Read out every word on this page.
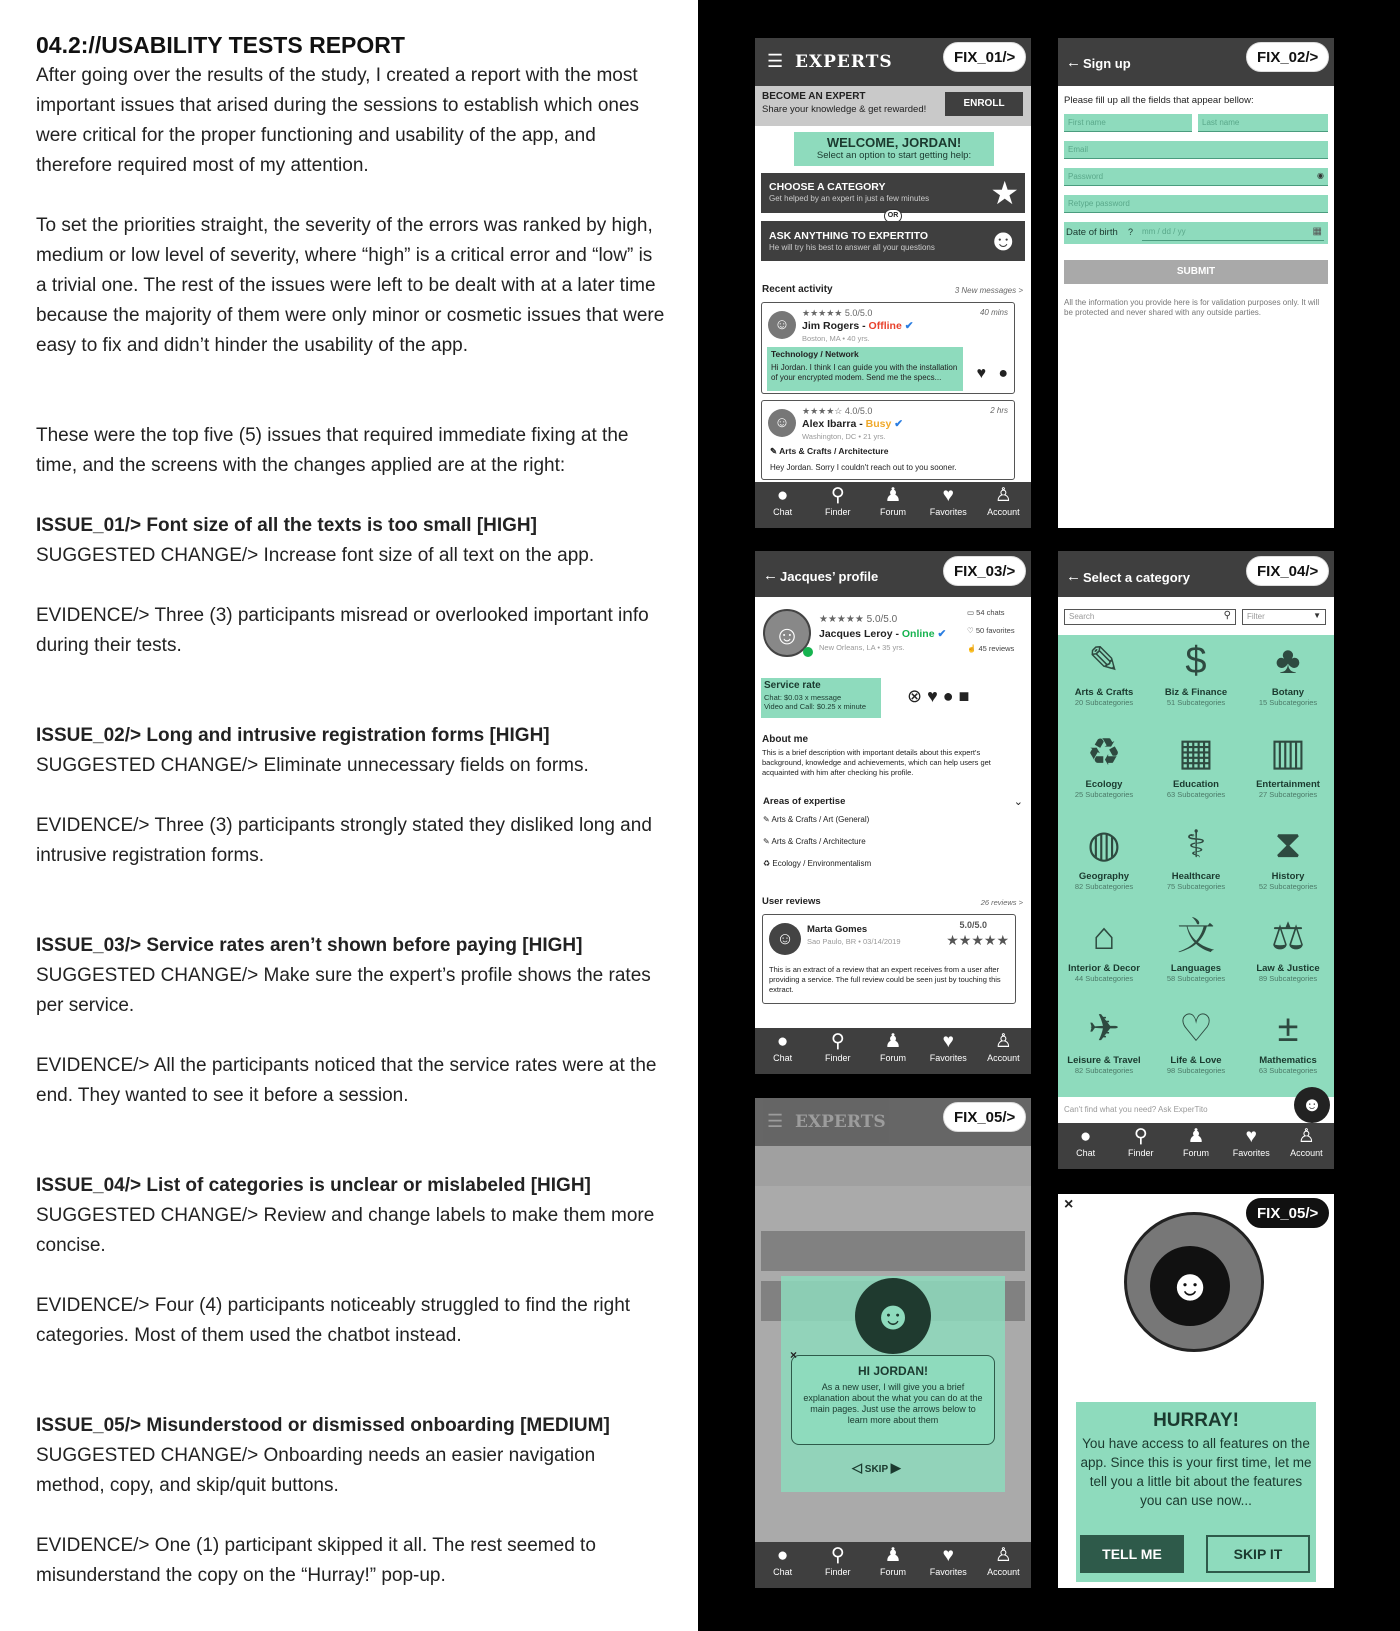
04.2://USABILITY TESTS REPORT

After going over the results of the study, I created a report with the most important issues that arised during the sessions to establish which ones were critical for the proper functioning and usability of the app, and therefore required most of my attention.

To set the priorities straight, the severity of the errors was ranked by high, medium or low level of severity, where “high” is a critical error and “low” is a trivial one. The rest of the issues were left to be dealt with at a later time because the majority of them were only minor or cosmetic issues that were easy to fix and didn’t hinder the usability of the app.

These were the top five (5) issues that required immediate fixing at the time, and the screens with the changes applied are at the right:

ISSUE_01/> Font size of all the texts is too small [HIGH]
SUGGESTED CHANGE/> Increase font size of all text on the app.
EVIDENCE/> Three (3) participants misread or overlooked important info during their tests.
ISSUE_02/> Long and intrusive registration forms [HIGH]
SUGGESTED CHANGE/> Eliminate unnecessary fields on forms.
EVIDENCE/> Three (3) participants strongly stated they disliked long and intrusive registration forms.
ISSUE_03/> Service rates aren’t shown before paying [HIGH]
SUGGESTED CHANGE/> Make sure the expert’s profile shows the rates per service.
EVIDENCE/> All the participants noticed that the service rates were at the end. They wanted to see it before a session.
ISSUE_04/> List of categories is unclear or mislabeled [HIGH]
SUGGESTED CHANGE/> Review and change labels to make them more concise.
EVIDENCE/> Four (4) participants noticeably struggled to find the right categories. Most of them used the chatbot instead.
ISSUE_05/> Misunderstood or dismissed onboarding [MEDIUM]
SUGGESTED CHANGE/> Onboarding needs an easier navigation method, copy, and skip/quit buttons.
EVIDENCE/> One (1) participant skipped it all. The rest seemed to misunderstand the copy on the “Hurray!” pop-up.
☰ EXPERTS	FIX_01/>
BECOME AN EXPERT
Share your knowledge & get rewarded!
ENROLL
WELCOME, JORDAN!
Select an option to start getting help:
CHOOSE A CATEGORY
Get helped by an expert in just a few minutes ★
OR
ASK ANYTHING TO EXPERTITO
He will try his best to answer all your questions ☻
Recent activity	3 New messages >
☺
★★★★★ 5.0/5.0	40 mins
Jim Rogers - Offline ✔
Boston, MA • 40 yrs.
Technology / Network
Hi Jordan. I think I can guide you with the installation of your encrypted modem. Send me the specs...	♥ ●
☺
★★★★☆ 4.0/5.0	2 hrs
Alex Ibarra - Busy ✔
Washington, DC • 21 yrs.
✎ Arts & Crafts / Architecture
Hey Jordan. Sorry I couldn't reach out to you sooner.
●
Chat
⚲
Finder
♟
Forum
♥
Favorites
♙
Account
← Sign up	FIX_02/>
Please fill up all the fields that appear bellow:
First name	Last name
Email
Password	◉
Retype password
Date of birth ? mm / dd / yy	▦
SUBMIT
All the information you provide here is for validation purposes only. It will be protected and never shared with any outside parties.
← Jacques’ profile	FIX_03/>
☺
★★★★★ 5.0/5.0
Jacques Leroy - Online ✔
New Orleans, LA • 35 yrs.
▭ 54 chats
♡ 50 favorites
☝ 45 reviews
Service rate
Chat: $0.03 x message
Video and Call: $0.25 x minute
⊗♥●■
About me
This is a brief description with important details about this expert's background, knowledge and achievements, which can help users get acquainted with him after checking his profile.
Areas of expertise	⌄
✎ Arts & Crafts / Art (General)
✎ Arts & Crafts / Architecture
♻ Ecology / Environmentalism
User reviews	26 reviews >
☺	Marta Gomes
Sao Paulo, BR • 03/14/2019
5.0/5.0
★★★★★
This is an extract of a review that an expert receives from a user after providing a service. The full review could be seen just by touching this extract.
●
Chat
⚲
Finder
♟
Forum
♥
Favorites
♙
Account
← Select a category	FIX_04/>
Search	⚲	Filter	▼
✎
Arts & Crafts
20 Subcategories
$
Biz & Finance
51 Subcategories
♣
Botany
15 Subcategories
♻
Ecology
25 Subcategories
▦
Education
63 Subcategories
▥
Entertainment
27 Subcategories
◍
Geography
82 Subcategories
⚕
Healthcare
75 Subcategories
⧗
History
52 Subcategories
⌂
Interior & Decor
44 Subcategories
文
Languages
58 Subcategories
⚖
Law & Justice
89 Subcategories
✈
Leisure & Travel
82 Subcategories
♡
Life & Love
98 Subcategories
±
Mathematics
63 Subcategories
Can't find what you need? Ask ExperTito	☻
●
Chat
⚲
Finder
♟
Forum
♥
Favorites
♙
Account
☰ EXPERTS	FIX_05/>
☻
×
HI JORDAN!
As a new user, I will give you a brief explanation about the what you can do at the main pages. Just use the arrows below to learn more about them
◁ SKIP ▶
●
Chat
⚲
Finder
♟
Forum
♥
Favorites
♙
Account
×
FIX_05/>
☻
HURRAY!
You have access to all features on the app. Since this is your first time, let me tell you a little bit about the features you can use now...
TELL ME	SKIP IT
